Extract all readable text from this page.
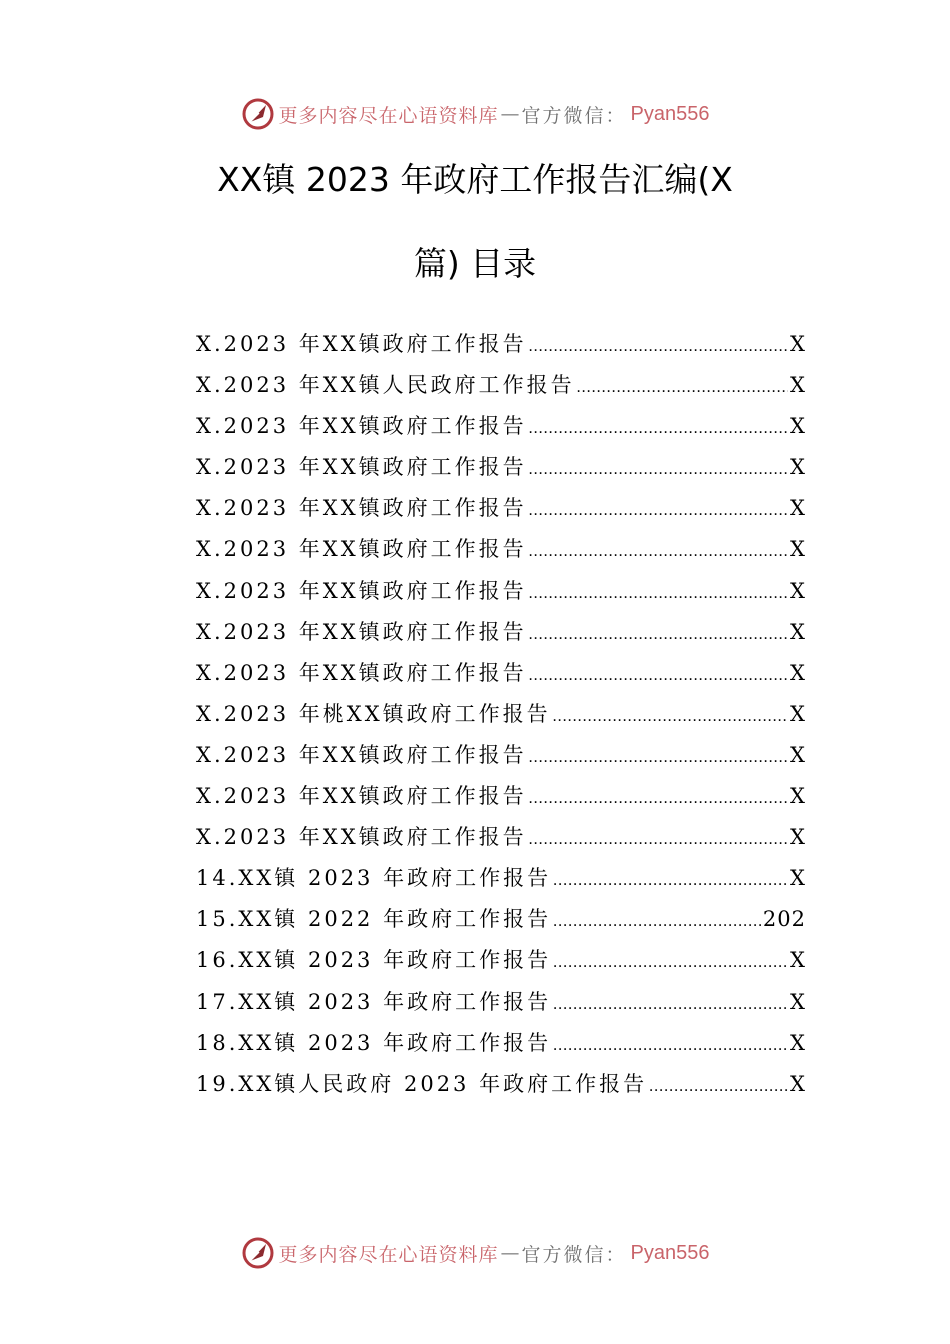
更多内容尽在心语资料库 — 官方微信： Pyan556
XX镇 2023 年政府工作报告汇编(X
篇) 目录
X.2023 年XX镇政府工作报告 .....	X
X.2023 年XX镇人民政府工作报告 .....	X
X.2023 年XX镇政府工作报告 .....	X
X.2023 年XX镇政府工作报告 .....	X
X.2023 年XX镇政府工作报告 .....	X
X.2023 年XX镇政府工作报告 .....	X
X.2023 年XX镇政府工作报告 .....	X
X.2023 年XX镇政府工作报告 .....	X
X.2023 年XX镇政府工作报告 .....	X
X.2023 年桃XX镇政府工作报告 .....	X
X.2023 年XX镇政府工作报告 .....	X
X.2023 年XX镇政府工作报告 .....	X
X.2023 年XX镇政府工作报告 .....	X
14.XX镇 2023 年政府工作报告 .....	X
15.XX镇 2022 年政府工作报告 .....	202
16.XX镇 2023 年政府工作报告 .....	X
17.XX镇 2023 年政府工作报告 .....	X
18.XX镇 2023 年政府工作报告 .....	X
19.XX镇人民政府 2023 年政府工作报告 .....	X
更多内容尽在心语资料库 — 官方微信： Pyan556
